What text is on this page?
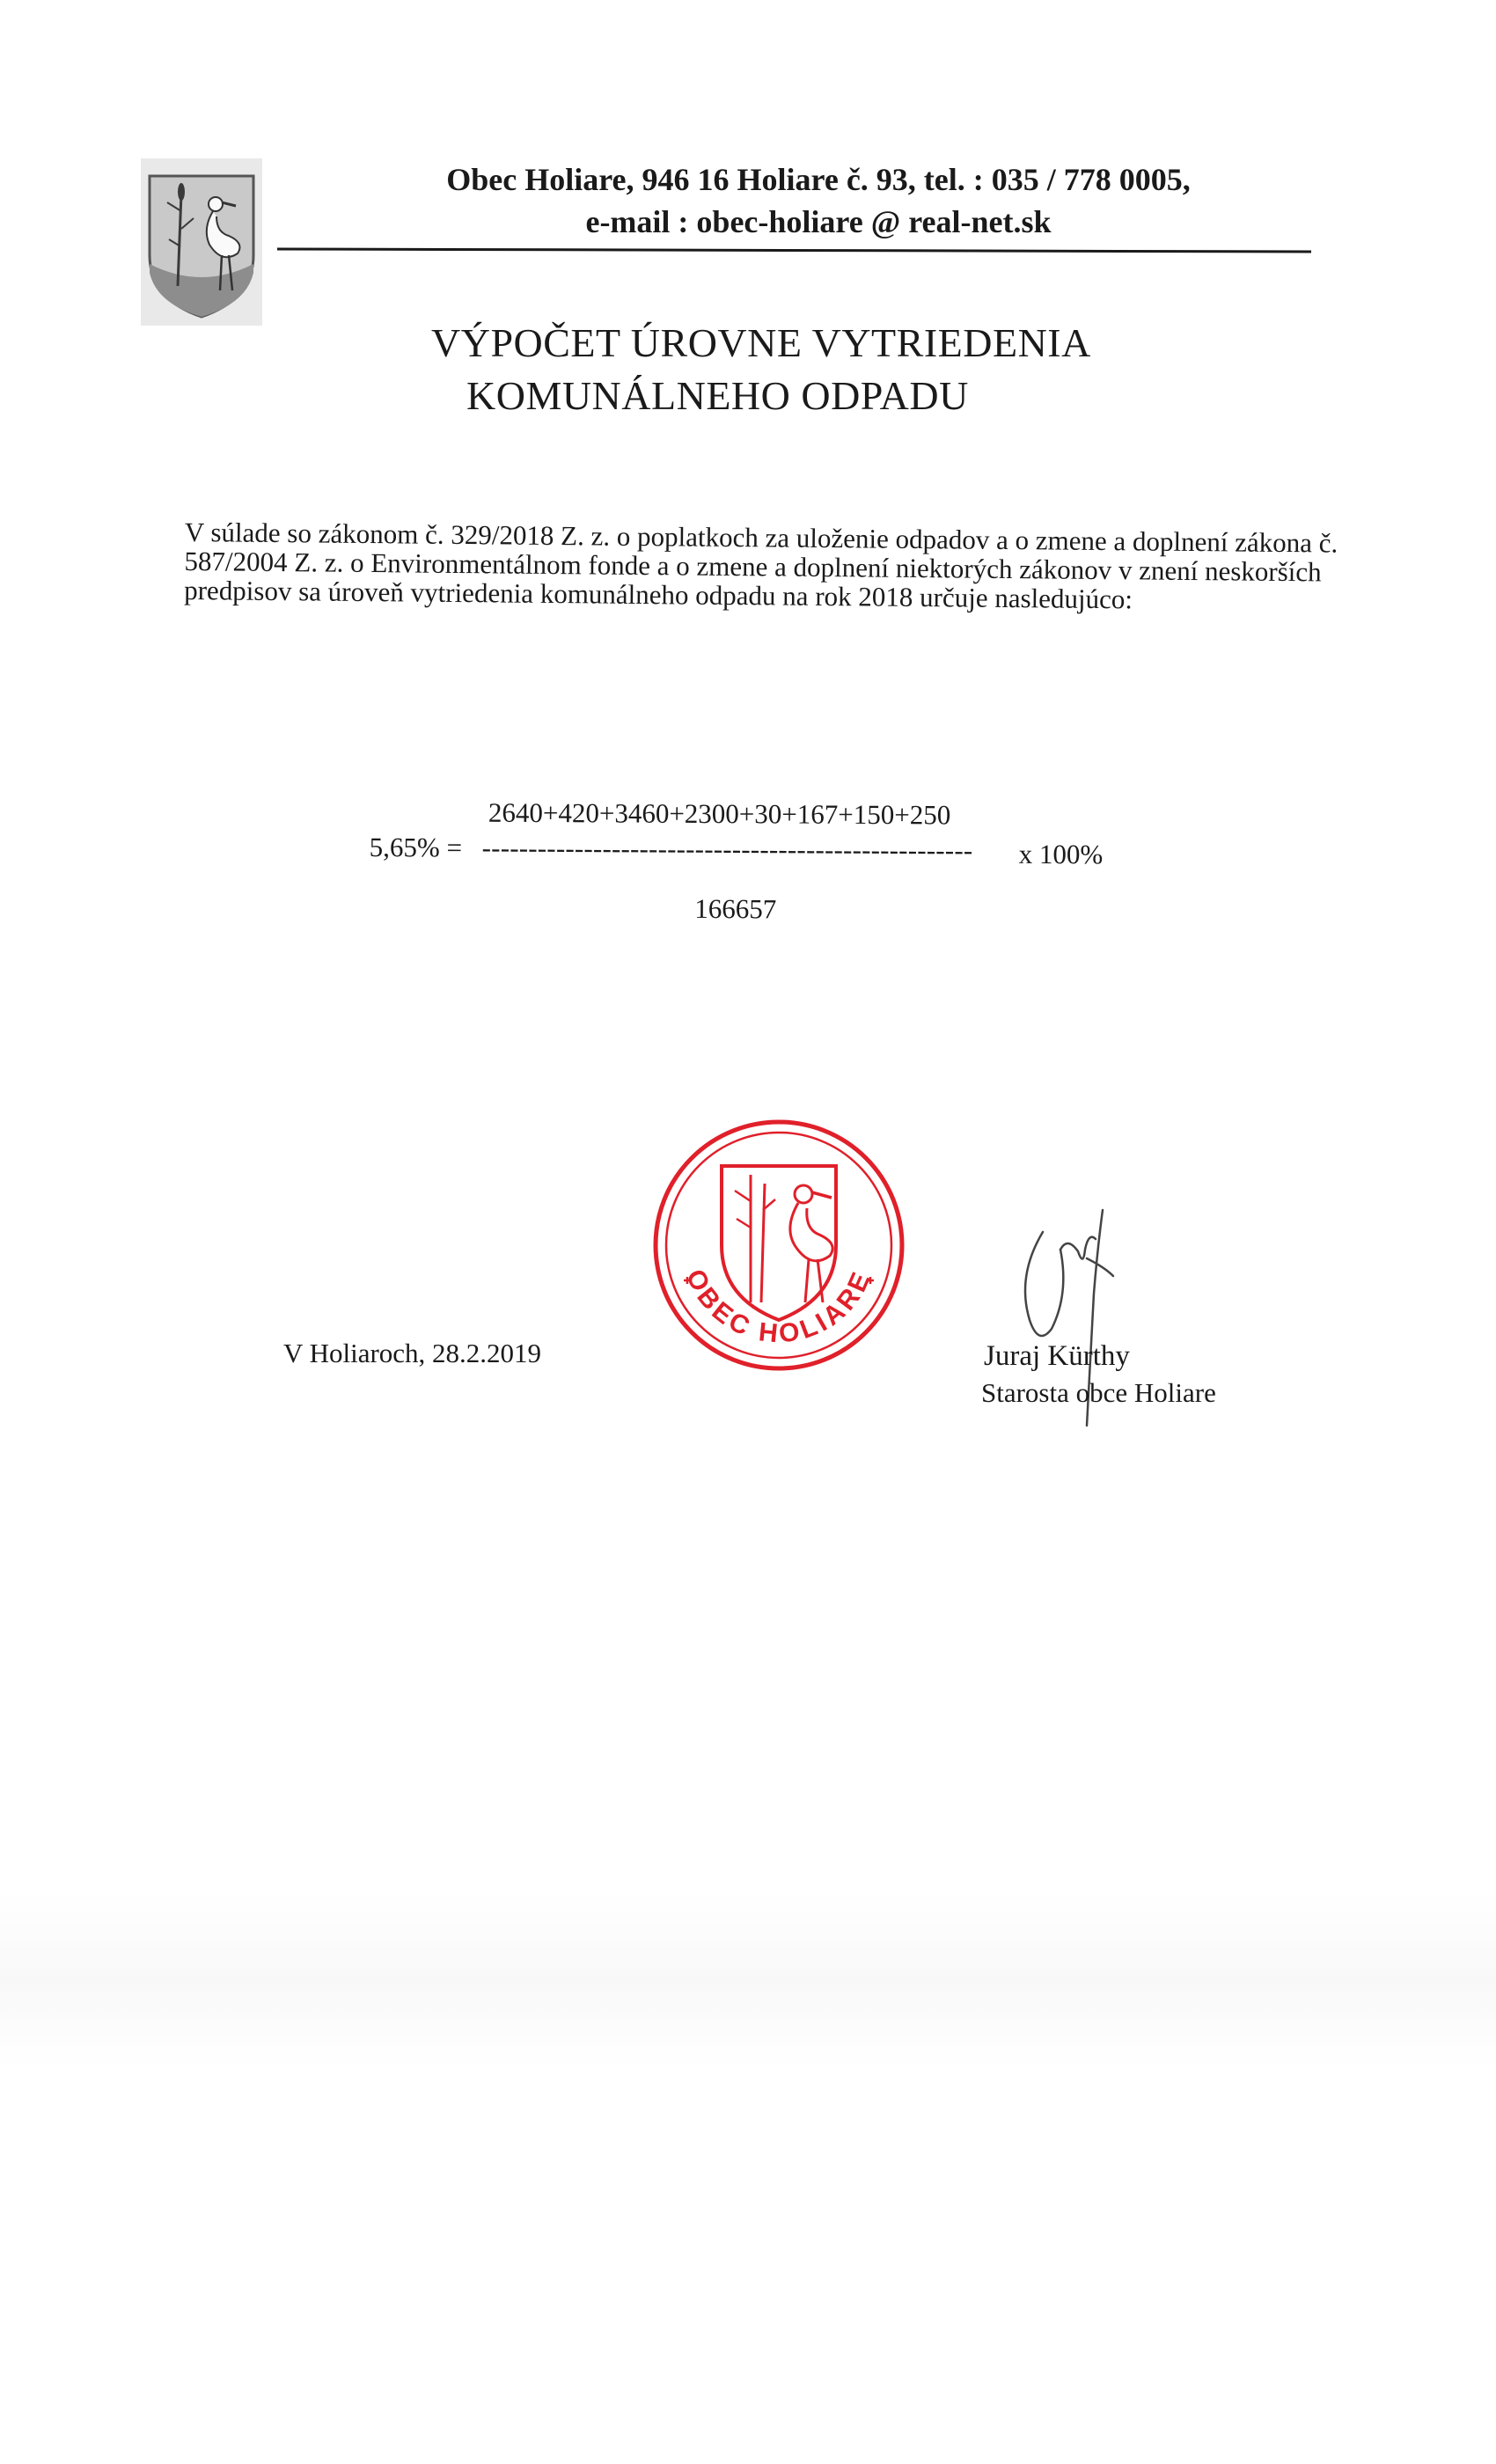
Obec Holiare, 946 16 Holiare č. 93, tel. : 035 / 778 0005,
e-mail : obec-holiare @ real-net.sk
VÝPOČET ÚROVNE VYTRIEDENIA
KOMUNÁLNEHO ODPADU
V súlade so zákonom č. 329/2018 Z. z. o poplatkoch za uloženie odpadov a o zmene a doplnení zákona č. 587/2004 Z. z. o Environmentálnom fonde a o zmene a doplnení niektorých zákonov v znení neskorších predpisov sa úroveň vytriedenia komunálneho odpadu na rok 2018 určuje nasledujúco:
2640+420+3460+2300+30+167+150+250
5,65% = ----------------------------------------------------- x 100%
166657
OBEC HOLIARE
V Holiaroch, 28.2.2019	Juraj Kürthy
Starosta obce Holiare
